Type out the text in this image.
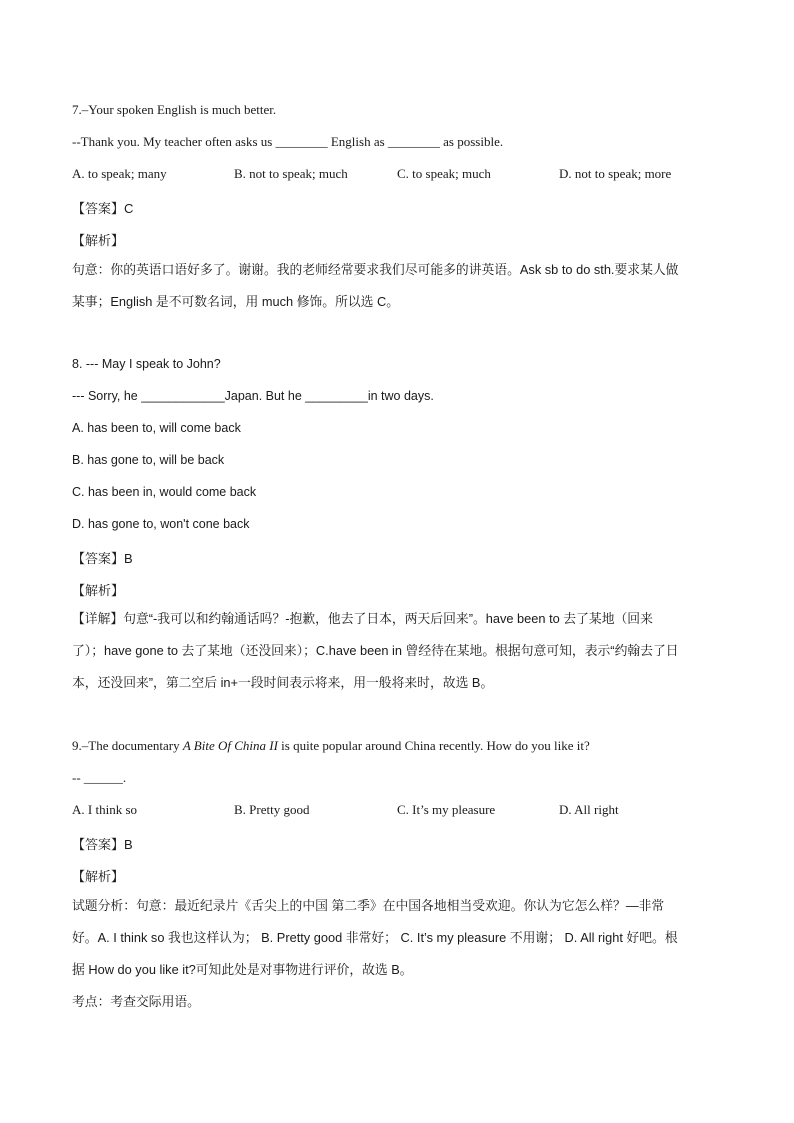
7.–Your spoken English is much better.
--Thank you. My teacher often asks us ________ English as ________ as possible.
A. to speak; many	B. not to speak; much	C. to speak; much	D. not to speak; more
【答案】C
【解析】
句意：你的英语口语好多了。谢谢。我的老师经常要求我们尽可能多的讲英语。Ask sb to do sth.要求某人做
某事；English 是不可数名词，用 much 修饰。所以选 C。
8. --- May I speak to John?
--- Sorry, he ____________Japan. But he _________in two days.
A. has been to, will come back
B. has gone to, will be back
C. has been in, would come back
D. has gone to, won't cone back
【答案】B
【解析】
【详解】句意“-我可以和约翰通话吗？-抱歉，他去了日本，两天后回来”。have been to 去了某地（回来
了）；have gone to 去了某地（还没回来）；C.have been in 曾经待在某地。根据句意可知，表示“约翰去了日
本，还没回来”，第二空后 in+一段时间表示将来，用一般将来时，故选 B。
9.–The documentary A Bite Of China II is quite popular around China recently. How do you like it?
-- ______.
A. I think so	B. Pretty good	C. It’s my pleasure	D. All right
【答案】B
【解析】
试题分析：句意：最近纪录片《舌尖上的中国 第二季》在中国各地相当受欢迎。你认为它怎么样？—非常
好。A. I think so 我也这样认为； B. Pretty good 非常好； C. It’s my pleasure 不用谢； D. All right 好吧。根
据 How do you like it?可知此处是对事物进行评价，故选 B。
考点：考查交际用语。
